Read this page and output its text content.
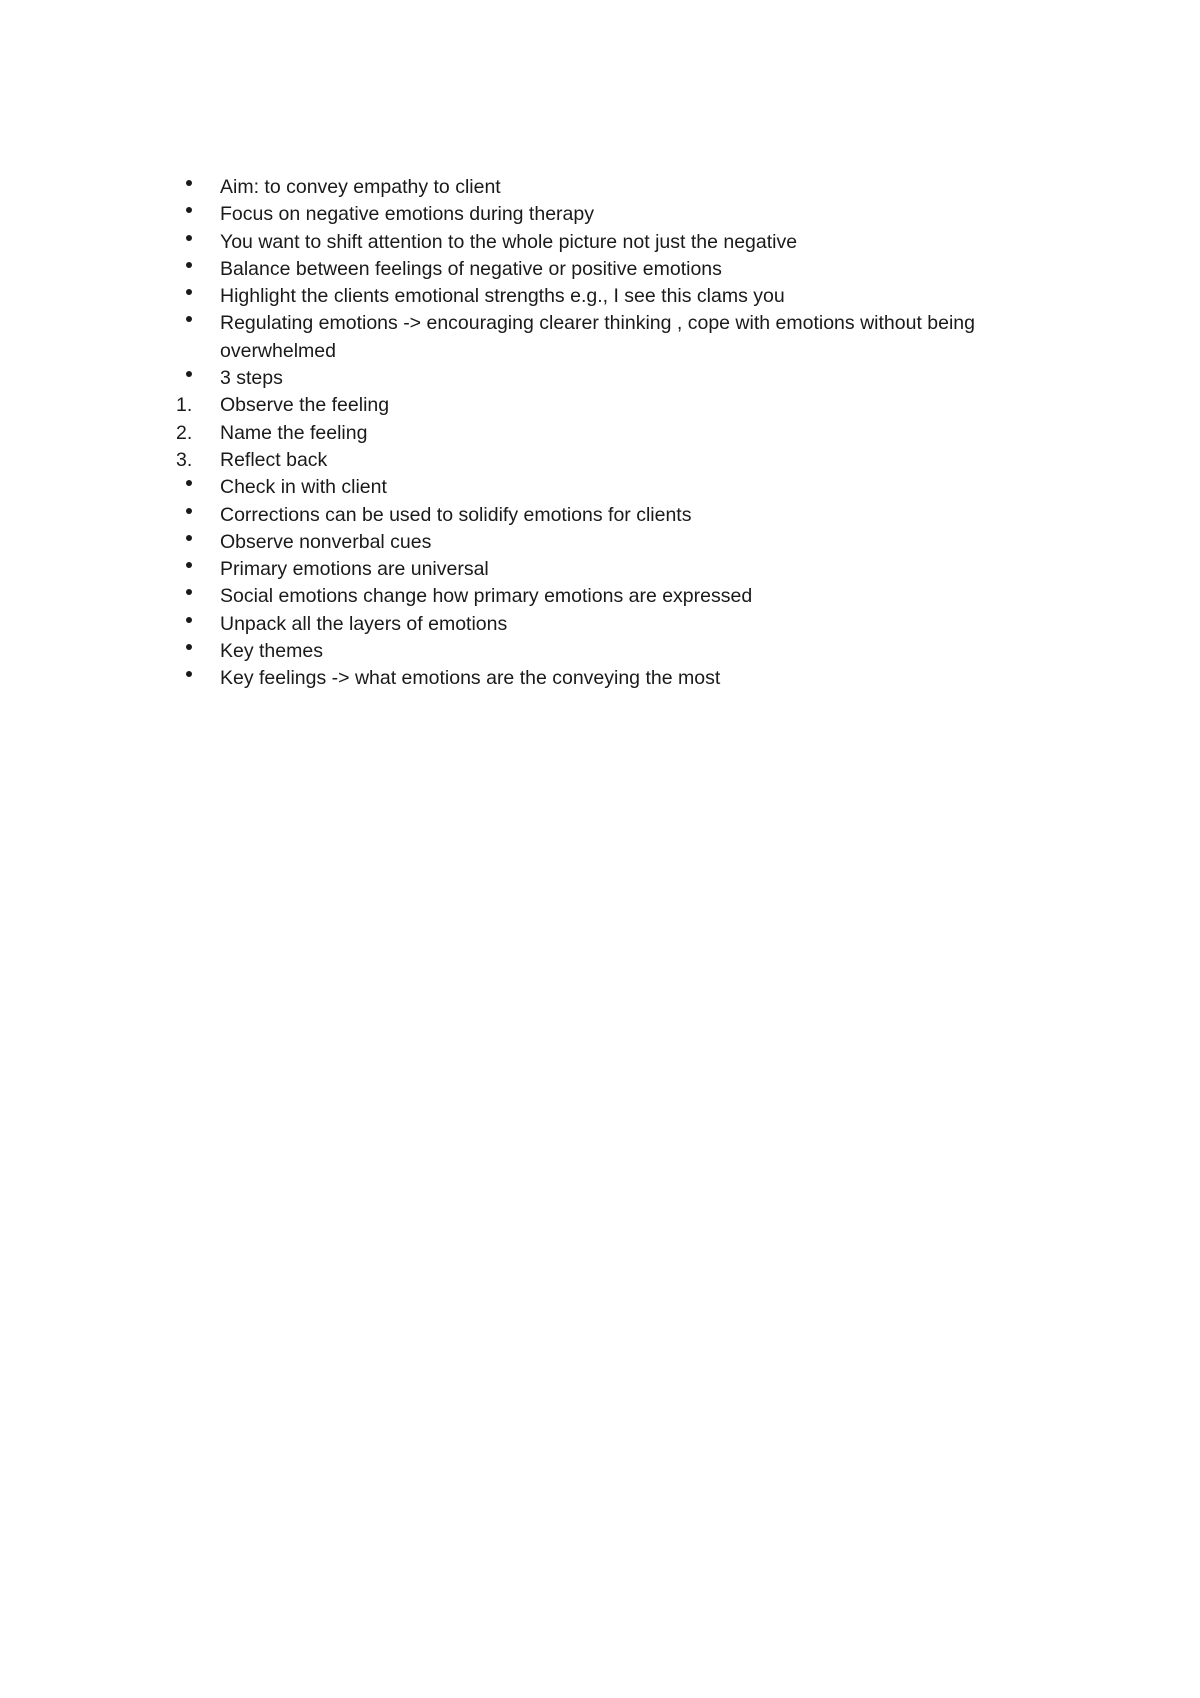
Aim: to convey empathy to client
Focus on negative emotions during therapy
You want to shift attention to the whole picture not just the negative
Balance between feelings of negative or positive emotions
Highlight the clients emotional strengths e.g., I see this clams you
Regulating emotions -> encouraging clearer thinking , cope with emotions without being overwhelmed
3 steps
1.	Observe the feeling
2.	Name the feeling
3.	Reflect back
Check in with client
Corrections can be used to solidify emotions for clients
Observe nonverbal cues
Primary emotions are universal
Social emotions change how primary emotions are expressed
Unpack all the layers of emotions
Key themes
Key feelings -> what emotions are the conveying the most
